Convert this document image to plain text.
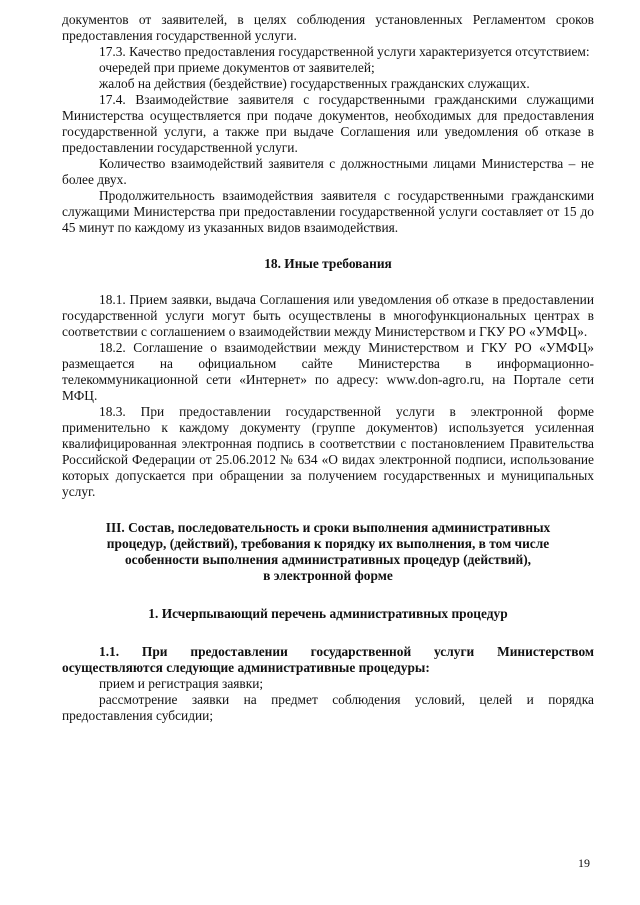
документов от заявителей, в целях соблюдения установленных Регламентом сроков предоставления государственной услуги.

17.3. Качество предоставления государственной услуги характеризуется отсутствием:

очередей при приеме документов от заявителей;

жалоб на действия (бездействие) государственных гражданских служащих.

17.4. Взаимодействие заявителя с государственными гражданскими служащими Министерства осуществляется при подаче документов, необходимых для предоставления государственной услуги, а также при выдаче Соглашения или уведомления об отказе в предоставлении государственной услуги.

Количество взаимодействий заявителя с должностными лицами Министерства – не более двух.

Продолжительность взаимодействия заявителя с государственными гражданскими служащими Министерства при предоставлении государственной услуги составляет от 15 до 45 минут по каждому из указанных видов взаимодействия.

18. Иные требования

18.1. Прием заявки, выдача Соглашения или уведомления об отказе в предоставлении государственной услуги могут быть осуществлены в многофункциональных центрах в соответствии с соглашением о взаимодействии между Министерством и ГКУ РО «УМФЦ».

18.2. Соглашение о взаимодействии между Министерством и ГКУ РО «УМФЦ» размещается на официальном сайте Министерства в информационно-телекоммуникационной сети «Интернет» по адресу: www.don-agro.ru, на Портале сети МФЦ.

18.3. При предоставлении государственной услуги в электронной форме применительно к каждому документу (группе документов) используется усиленная квалифицированная электронная подпись в соответствии с постановлением Правительства Российской Федерации от 25.06.2012 № 634 «О видах электронной подписи, использование которых допускается при обращении за получением государственных и муниципальных услуг.

III. Состав, последовательность и сроки выполнения административных
процедур, (действий), требования к порядку их выполнения, в том числе
особенности выполнения административных процедур (действий),
в электронной форме

1. Исчерпывающий перечень административных процедур

1.1. При предоставлении государственной услуги Министерством осуществляются следующие административные процедуры:

прием и регистрация заявки;

рассмотрение заявки на предмет соблюдения условий, целей и порядка предоставления субсидии;

19
